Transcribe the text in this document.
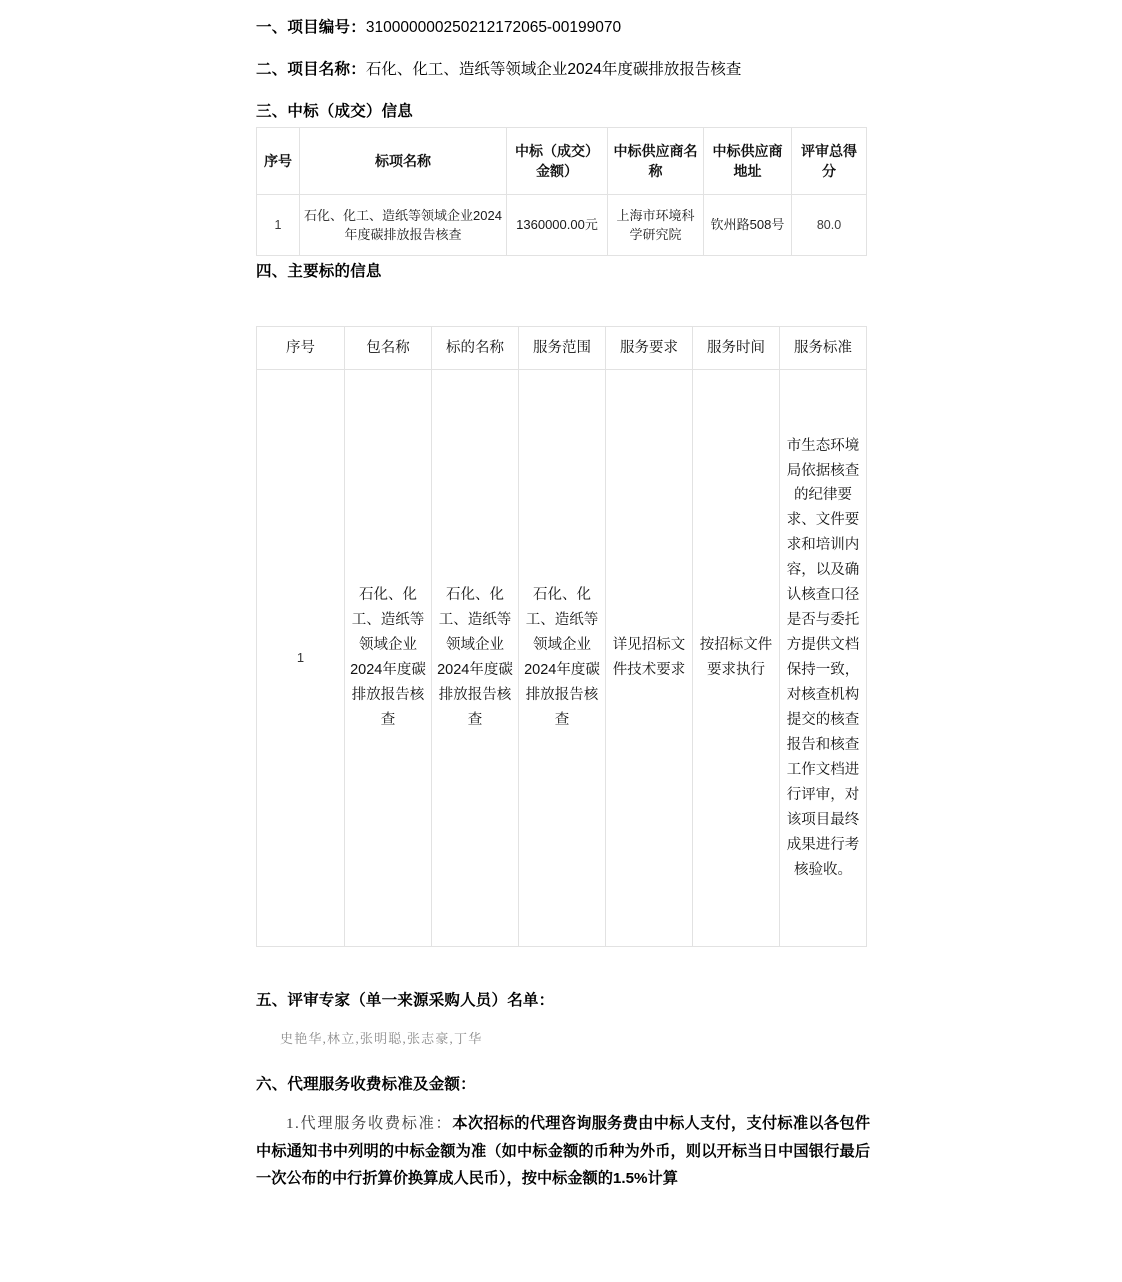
一、项目编号：310000000250212172065-00199070
二、项目名称：石化、化工、造纸等领域企业2024年度碳排放报告核查
三、中标（成交）信息
序号	标项名称	中标（成交）金额）	中标供应商名称	中标供应商地址	评审总得分

1	石化、化工、造纸等领域企业2024年度碳排放报告核查	1360000.00元	上海市环境科学研究院	钦州路508号	80.0
四、主要标的信息
序号	包名称	标的名称	服务范围	服务要求	服务时间	服务标准
1	石化、化工、造纸等领域企业2024年度碳排放报告核查	石化、化工、造纸等领域企业2024年度碳排放报告核查	石化、化工、造纸等领域企业2024年度碳排放报告核查	详见招标文件技术要求	按招标文件要求执行	市生态环境局依据核查的纪律要求、文件要求和培训内容，以及确认核查口径是否与委托方提供文档保持一致，对核查机构提交的核查报告和核查工作文档进行评审，对该项目最终成果进行考核验收。
五、评审专家（单一来源采购人员）名单：
史艳华,林立,张明聪,张志豪,丁华
六、代理服务收费标准及金额：

1.代理服务收费标准：本次招标的代理咨询服务费由中标人支付，支付标准以各包件中标通知书中列明的中标金额为准（如中标金额的币种为外币，则以开标当日中国银行最后一次公布的中行折算价换算成人民币），按中标金额的1.5%计算
